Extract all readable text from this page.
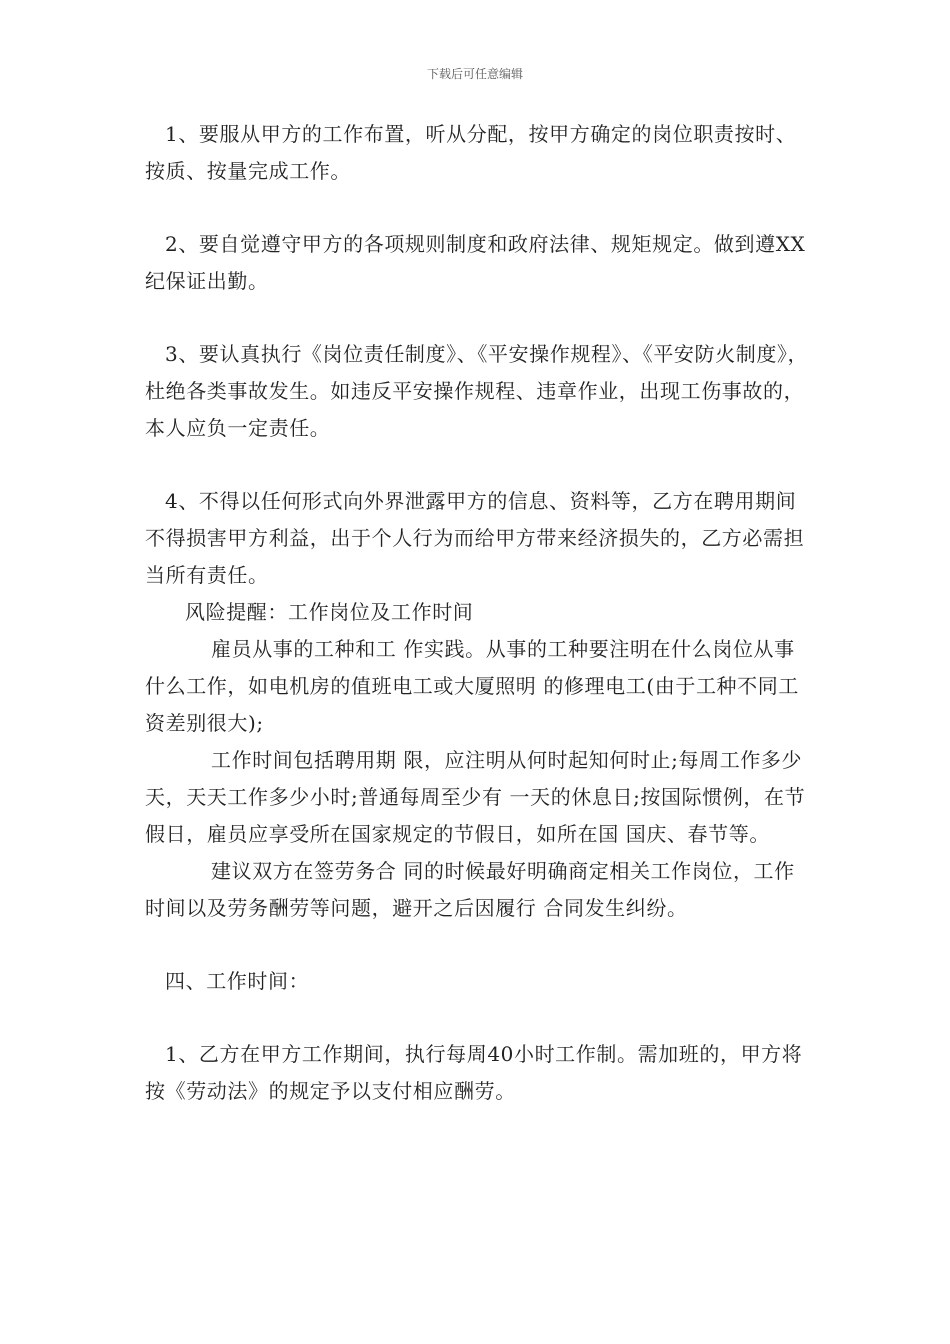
下载后可任意编辑

1、要服从甲方的工作布置，听从分配，按甲方确定的岗位职责按时、按质、按量完成工作。

2、要自觉遵守甲方的各项规则制度和政府法律、规矩规定。做到遵XX纪保证出勤。

3、要认真执行《岗位责任制度》、《平安操作规程》、《平安防火制度》，杜绝各类事故发生。如违反平安操作规程、违章作业，出现工伤事故的，本人应负一定责任。

4、不得以任何形式向外界泄露甲方的信息、资料等，乙方在聘用期间不得损害甲方利益，出于个人行为而给甲方带来经济损失的，乙方必需担当所有责任。

风险提醒：工作岗位及工作时间

雇员从事的工种和工 作实践。从事的工种要注明在什么岗位从事什么工作，如电机房的值班电工或大厦照明 的修理电工(由于工种不同工资差别很大);

工作时间包括聘用期 限，应注明从何时起知何时止;每周工作多少天，天天工作多少小时;普通每周至少有 一天的休息日;按国际惯例，在节假日，雇员应享受所在国家规定的节假日，如所在国 国庆、春节等。

建议双方在签劳务合 同的时候最好明确商定相关工作岗位，工作时间以及劳务酬劳等问题，避开之后因履行 合同发生纠纷。

四、工作时间：

1、乙方在甲方工作期间，执行每周40小时工作制。需加班的，甲方将按《劳动法》的规定予以支付相应酬劳。
